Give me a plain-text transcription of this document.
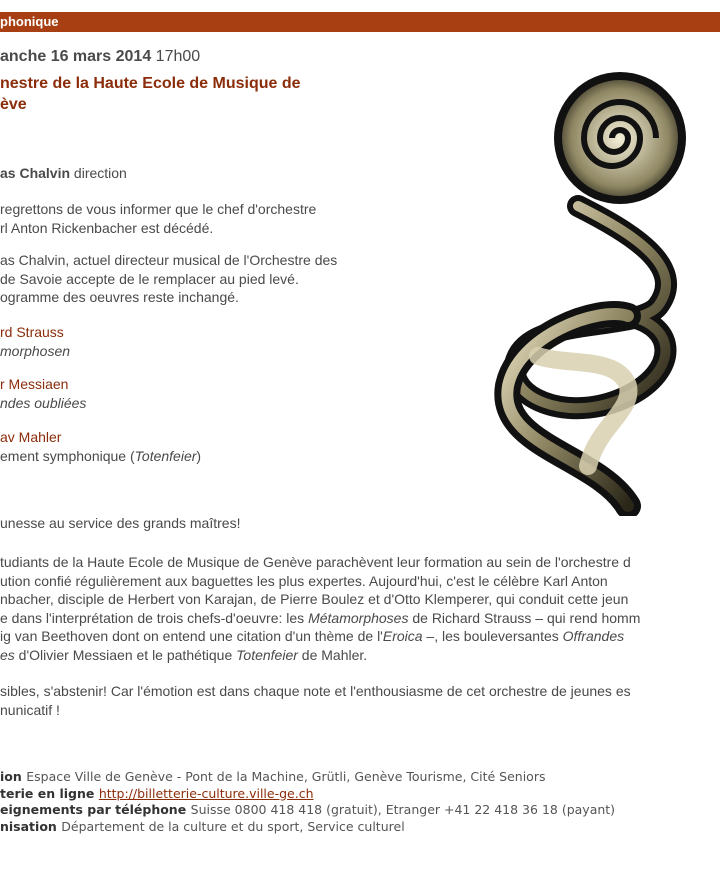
phonique
anche 16 mars 2014 17h00
nestre de la Haute Ecole de Musique de
ève
as Chalvin direction
regrettons de vous informer que le chef d'orchestre
rl Anton Rickenbacher est décédé.
as Chalvin, actuel directeur musical de l'Orchestre des
de Savoie accepte de le remplacer au pied levé.
ogramme des oeuvres reste inchangé.
rd Strauss
morphosen
r Messiaen
ndes oubliées
av Mahler
ement symphonique (Totenfeier)
unesse au service des grands maîtres!
tudiants de la Haute Ecole de Musique de Genève parachèvent leur formation au sein de l'orchestre d
ution confié régulièrement aux baguettes les plus expertes. Aujourd'hui, c'est le célèbre Karl Anton
nbacher, disciple de Herbert von Karajan, de Pierre Boulez et d'Otto Klemperer, qui conduit cette jeun
e dans l'interprétation de trois chefs-d'oeuvre: les Métamorphoses de Richard Strauss – qui rend homm
ig van Beethoven dont on entend une citation d'un thème de l'Eroica –, les bouleversantes Offrandes
es d'Olivier Messiaen et le pathétique Totenfeier de Mahler.
sibles, s'abstenir! Car l'émotion est dans chaque note et l'enthousiasme de cet orchestre de jeunes es
nunicatif !
ion Espace Ville de Genève - Pont de la Machine, Grütli, Genève Tourisme, Cité Seniors
terie en ligne http://billetterie-culture.ville-ge.ch
eignements par téléphone Suisse 0800 418 418 (gratuit), Etranger +41 22 418 36 18 (payant)
nisation Département de la culture et du sport, Service culturel
